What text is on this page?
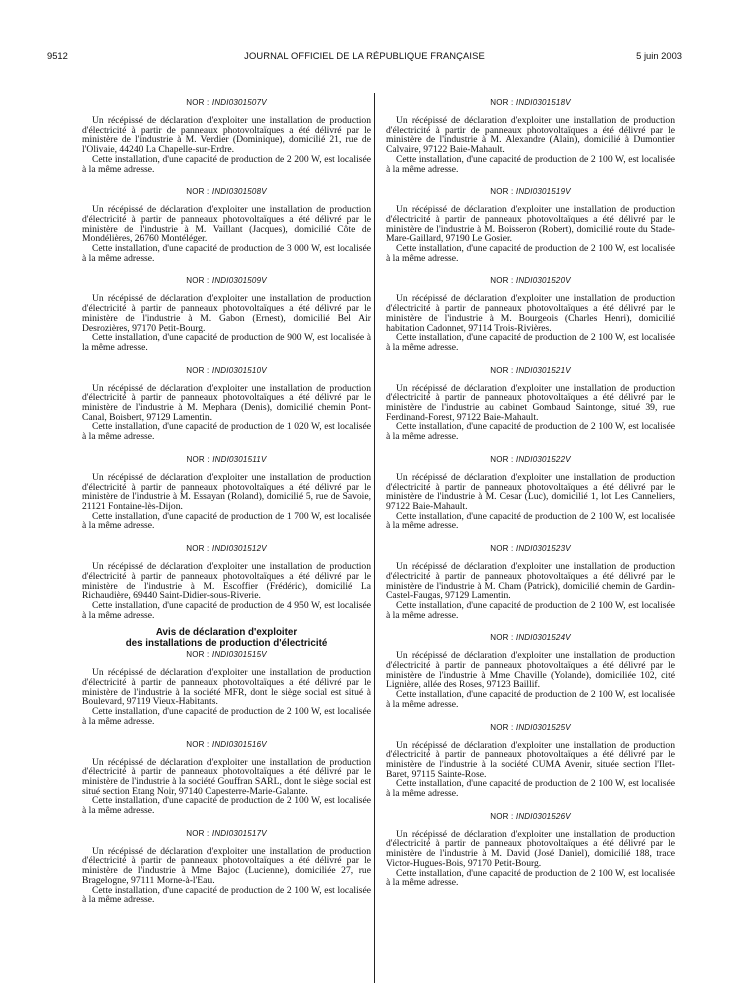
9512	JOURNAL OFFICIEL DE LA RÉPUBLIQUE FRANÇAISE	5 juin 2003
NOR : INDI0301507V

Un récépissé de déclaration d'exploiter une installation de production d'électricité à partir de panneaux photovoltaïques a été délivré par le ministère de l'industrie à M. Verdier (Dominique), domicilié 21, rue de l'Olivaie, 44240 La Chapelle-sur-Erdre.

Cette installation, d'une capacité de production de 2 200 W, est localisée à la même adresse.

NOR : INDI0301508V

Un récépissé de déclaration d'exploiter une installation de production d'électricité à partir de panneaux photovoltaïques a été délivré par le ministère de l'industrie à M. Vaillant (Jacques), domicilié Côte de Mondélières, 26760 Montéléger.

Cette installation, d'une capacité de production de 3 000 W, est localisée à la même adresse.

NOR : INDI0301509V

Un récépissé de déclaration d'exploiter une installation de production d'électricité à partir de panneaux photovoltaïques a été délivré par le ministère de l'industrie à M. Gabon (Ernest), domicilié Bel Air Desrozières, 97170 Petit-Bourg.

Cette installation, d'une capacité de production de 900 W, est localisée à la même adresse.

NOR : INDI0301510V

Un récépissé de déclaration d'exploiter une installation de production d'électricité à partir de panneaux photovoltaïques a été délivré par le ministère de l'industrie à M. Mephara (Denis), domicilié chemin Pont-Canal, Boisbert, 97129 Lamentin.

Cette installation, d'une capacité de production de 1 020 W, est localisée à la même adresse.

NOR : INDI0301511V

Un récépissé de déclaration d'exploiter une installation de production d'électricité à partir de panneaux photovoltaïques a été délivré par le ministère de l'industrie à M. Essayan (Roland), domicilié 5, rue de Savoie, 21121 Fontaine-lès-Dijon.

Cette installation, d'une capacité de production de 1 700 W, est localisée à la même adresse.

NOR : INDI0301512V

Un récépissé de déclaration d'exploiter une installation de production d'électricité à partir de panneaux photovoltaïques a été délivré par le ministère de l'industrie à M. Escoffier (Frédéric), domicilié La Richaudière, 69440 Saint-Didier-sous-Riverie.

Cette installation, d'une capacité de production de 4 950 W, est localisée à la même adresse.

Avis de déclaration d'exploiter
des installations de production d'électricité
NOR : INDI0301515V

Un récépissé de déclaration d'exploiter une installation de production d'électricité à partir de panneaux photovoltaïques a été délivré par le ministère de l'industrie à la société MFR, dont le siège social est situé à Boulevard, 97119 Vieux-Habitants.

Cette installation, d'une capacité de production de 2 100 W, est localisée à la même adresse.

NOR : INDI0301516V

Un récépissé de déclaration d'exploiter une installation de production d'électricité à partir de panneaux photovoltaïques a été délivré par le ministère de l'industrie à la société Gouffran SARL, dont le siège social est situé section Etang Noir, 97140 Capesterre-Marie-Galante.

Cette installation, d'une capacité de production de 2 100 W, est localisée à la même adresse.

NOR : INDI0301517V

Un récépissé de déclaration d'exploiter une installation de production d'électricité à partir de panneaux photovoltaïques a été délivré par le ministère de l'industrie à Mme Bajoc (Lucienne), domiciliée 27, rue Bragelogne, 97111 Morne-à-l'Eau.

Cette installation, d'une capacité de production de 2 100 W, est localisée à la même adresse.

NOR : INDI0301518V

Un récépissé de déclaration d'exploiter une installation de production d'électricité à partir de panneaux photovoltaïques a été délivré par le ministère de l'industrie à M. Alexandre (Alain), domicilié à Dumontier Calvaire, 97122 Baie-Mahault.

Cette installation, d'une capacité de production de 2 100 W, est localisée à la même adresse.

NOR : INDI0301519V

Un récépissé de déclaration d'exploiter une installation de production d'électricité à partir de panneaux photovoltaïques a été délivré par le ministère de l'industrie à M. Boisseron (Robert), domicilié route du Stade-Mare-Gaillard, 97190 Le Gosier.

Cette installation, d'une capacité de production de 2 100 W, est localisée à la même adresse.

NOR : INDI0301520V

Un récépissé de déclaration d'exploiter une installation de production d'électricité à partir de panneaux photovoltaïques a été délivré par le ministère de l'industrie à M. Bourgeois (Charles Henri), domicilié habitation Cadonnet, 97114 Trois-Rivières.

Cette installation, d'une capacité de production de 2 100 W, est localisée à la même adresse.

NOR : INDI0301521V

Un récépissé de déclaration d'exploiter une installation de production d'électricité à partir de panneaux photovoltaïques a été délivré par le ministère de l'industrie au cabinet Gombaud Saintonge, situé 39, rue Ferdinand-Forest, 97122 Baie-Mahault.

Cette installation, d'une capacité de production de 2 100 W, est localisée à la même adresse.

NOR : INDI0301522V

Un récépissé de déclaration d'exploiter une installation de production d'électricité à partir de panneaux photovoltaïques a été délivré par le ministère de l'industrie à M. Cesar (Luc), domicilié 1, lot Les Canneliers, 97122 Baie-Mahault.

Cette installation, d'une capacité de production de 2 100 W, est localisée à la même adresse.

NOR : INDI0301523V

Un récépissé de déclaration d'exploiter une installation de production d'électricité à partir de panneaux photovoltaïques a été délivré par le ministère de l'industrie à M. Cham (Patrick), domicilié chemin de Gardin-Castel-Faugas, 97129 Lamentin.

Cette installation, d'une capacité de production de 2 100 W, est localisée à la même adresse.

NOR : INDI0301524V

Un récépissé de déclaration d'exploiter une installation de production d'électricité à partir de panneaux photovoltaïques a été délivré par le ministère de l'industrie à Mme Chaville (Yolande), domiciliée 102, cité Lignière, allée des Roses, 97123 Baillif.

Cette installation, d'une capacité de production de 2 100 W, est localisée à la même adresse.

NOR : INDI0301525V

Un récépissé de déclaration d'exploiter une installation de production d'électricité à partir de panneaux photovoltaïques a été délivré par le ministère de l'industrie à la société CUMA Avenir, située section l'Ilet-Baret, 97115 Sainte-Rose.

Cette installation, d'une capacité de production de 2 100 W, est localisée à la même adresse.

NOR : INDI0301526V

Un récépissé de déclaration d'exploiter une installation de production d'électricité à partir de panneaux photovoltaïques a été délivré par le ministère de l'industrie à M. David (José Daniel), domicilié 188, trace Victor-Hugues-Bois, 97170 Petit-Bourg.

Cette installation, d'une capacité de production de 2 100 W, est localisée à la même adresse.
